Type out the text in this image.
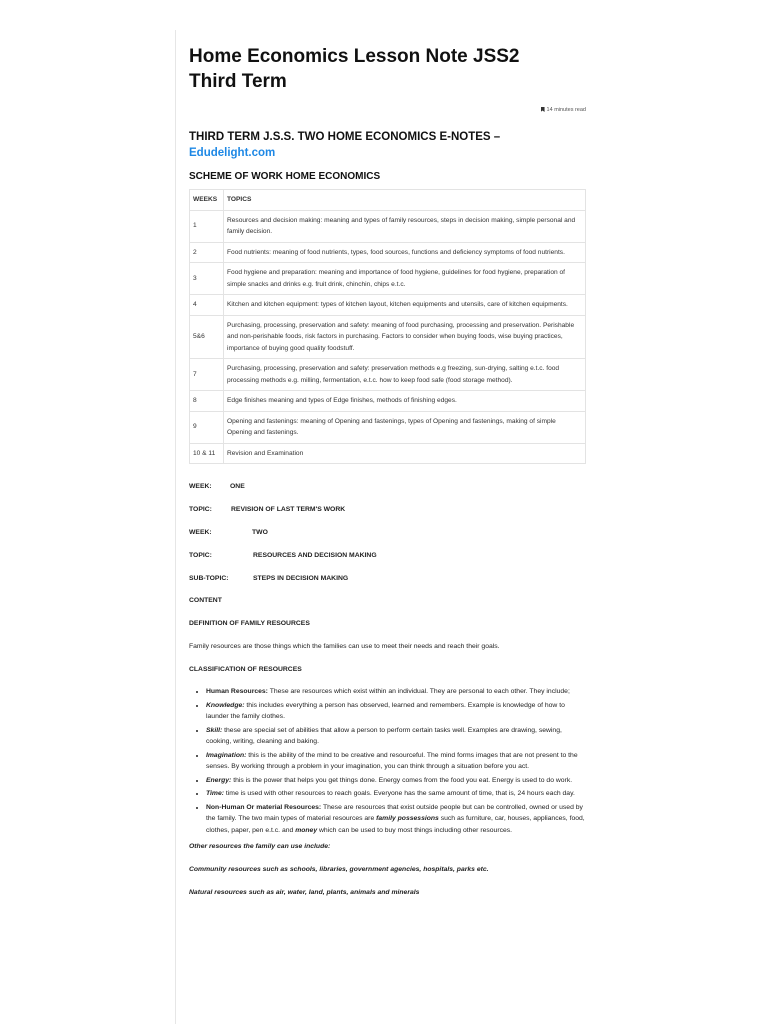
Home Economics Lesson Note JSS2
Third Term
14 minutes read
THIRD TERM J.S.S. TWO HOME ECONOMICS E-NOTES –
Edudelight.com
SCHEME OF WORK HOME ECONOMICS
WEEKS	TOPICS
1	Resources and decision making: meaning and types of family resources, steps in decision making, simple personal and family decision.
2	Food nutrients: meaning of food nutrients, types, food sources, functions and deficiency symptoms of food nutrients.
3	Food hygiene and preparation: meaning and importance of food hygiene, guidelines for food hygiene, preparation of simple snacks and drinks e.g. fruit drink, chinchin, chips e.t.c.
4	Kitchen and kitchen equipment: types of kitchen layout, kitchen equipments and utensils, care of kitchen equipments.
5&6	Purchasing, processing, preservation and safety: meaning of food purchasing, processing and preservation. Perishable and non-perishable foods, risk factors in purchasing. Factors to consider when buying foods, wise buying practices, importance of buying good quality foodstuff.
7	Purchasing, processing, preservation and safety: preservation methods e.g freezing, sun-drying, salting e.t.c. food processing methods e.g. milling, fermentation, e.t.c. how to keep food safe (food storage method).
8	Edge finishes meaning and types of Edge finishes, methods of finishing edges.
9	Opening and fastenings: meaning of Opening and fastenings, types of Opening and fastenings, making of simple Opening and fastenings.
10 & 11	Revision and Examination

WEEK:	ONE

TOPIC:	REVISION OF LAST TERM'S WORK

WEEK:	TWO

TOPIC:	RESOURCES AND DECISION MAKING

SUB-TOPIC:	STEPS IN DECISION MAKING

CONTENT

DEFINITION OF FAMILY RESOURCES

Family resources are those things which the families can use to meet their needs and reach their goals.

CLASSIFICATION OF RESOURCES

• Human Resources: These are resources which exist within an individual. They are personal to each other. They include;
• Knowledge: this includes everything a person has observed, learned and remembers. Example is knowledge of how to launder the family clothes.
• Skill: these are special set of abilities that allow a person to perform certain tasks well. Examples are drawing, sewing, cooking, writing, cleaning and baking.
• Imagination: this is the ability of the mind to be creative and resourceful. The mind forms images that are not present to the senses. By working through a problem in your imagination, you can think through a situation before you act.
• Energy: this is the power that helps you get things done. Energy comes from the food you eat. Energy is used to do work.
• Time: time is used with other resources to reach goals. Everyone has the same amount of time, that is, 24 hours each day.
• Non-Human Or material Resources: These are resources that exist outside people but can be controlled, owned or used by the family. The two main types of material resources are family possessions such as furniture, car, houses, appliances, food, clothes, paper, pen e.t.c. and money which can be used to buy most things including other resources.

Other resources the family can use include:

Community resources such as schools, libraries, government agencies, hospitals, parks etc.

Natural resources such as air, water, land, plants, animals and minerals
